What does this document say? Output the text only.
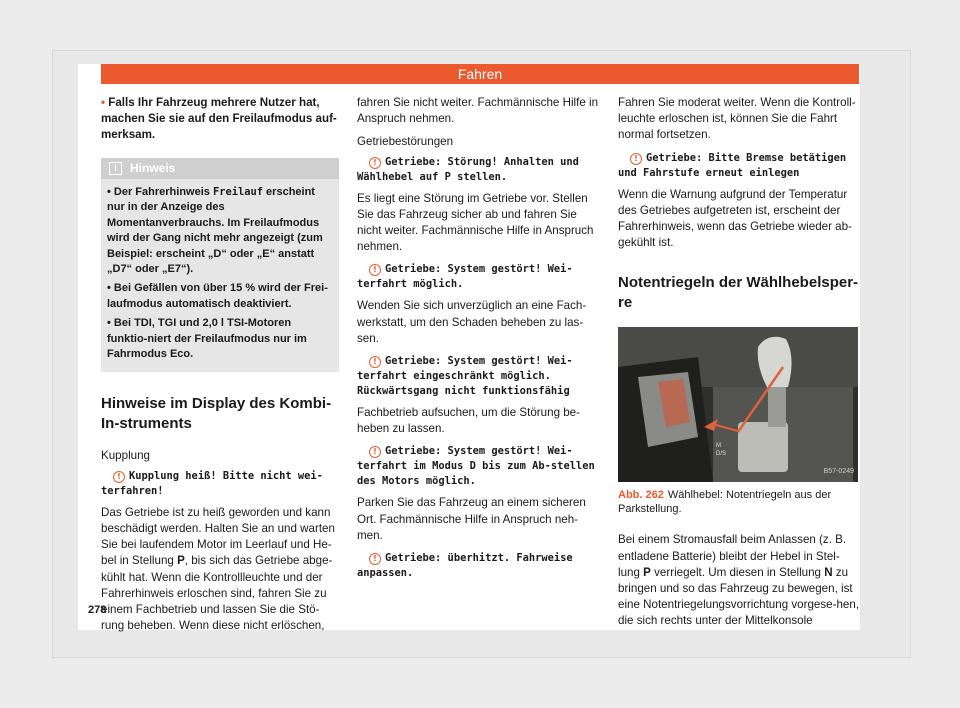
Fahren

• Falls Ihr Fahrzeug mehrere Nutzer hat, machen Sie sie auf den Freilaufmodus auf-merksam.

i	Hinweis

• Der Fahrerhinweis Freilauf erscheint nur in der Anzeige des Momentanverbrauchs. Im Freilaufmodus wird der Gang nicht mehr angezeigt (zum Beispiel: erscheint „D“ oder „E“ anstatt „D7“ oder „E7“).

• Bei Gefällen von über 15 % wird der Frei-laufmodus automatisch deaktiviert.

• Bei TDI, TGI und 2,0 l TSI-Motoren funktio-niert der Freilaufmodus nur im Fahrmodus Eco.

Hinweise im Display des Kombi-In-struments

Kupplung

! Kupplung heiß! Bitte nicht wei-terfahren!

Das Getriebe ist zu heiß geworden und kann beschädigt werden. Halten Sie an und warten Sie bei laufendem Motor im Leerlauf und He-bel in Stellung P, bis sich das Getriebe abge-kühlt hat. Wenn die Kontrollleuchte und der Fahrerhinweis erloschen sind, fahren Sie zu einem Fachbetrieb und lassen Sie die Stö-rung beheben. Wenn diese nicht erlöschen,

fahren Sie nicht weiter. Fachmännische Hilfe in Anspruch nehmen.

Getriebestörungen

! Getriebe: Störung! Anhalten und Wählhebel auf P stellen.

Es liegt eine Störung im Getriebe vor. Stellen Sie das Fahrzeug sicher ab und fahren Sie nicht weiter. Fachmännische Hilfe in Anspruch nehmen.

! Getriebe: System gestört! Wei-terfahrt möglich.

Wenden Sie sich unverzüglich an eine Fach-werkstatt, um den Schaden beheben zu las-sen.

! Getriebe: System gestört! Wei-terfahrt eingeschränkt möglich. Rückwärtsgang nicht funktionsfähig

Fachbetrieb aufsuchen, um die Störung be-heben zu lassen.

! Getriebe: System gestört! Wei-terfahrt im Modus D bis zum Ab-stellen des Motors möglich.

Parken Sie das Fahrzeug an einem sicheren Ort. Fachmännische Hilfe in Anspruch neh-men.

! Getriebe: überhitzt. Fahrweise anpassen.

Fahren Sie moderat weiter. Wenn die Kontroll-leuchte erloschen ist, können Sie die Fahrt normal fortsetzen.

! Getriebe: Bitte Bremse betätigen und Fahrstufe erneut einlegen

Wenn die Warnung aufgrund der Temperatur des Getriebes aufgetreten ist, erscheint der Fahrerhinweis, wenn das Getriebe wieder ab-gekühlt ist.

Notentriegeln der Wählhebelsper-re
D/S
M
B57-0249
Abb. 262 Wählhebel: Notentriegeln aus der Parkstellung.

Bei einem Stromausfall beim Anlassen (z. B. entladene Batterie) bleibt der Hebel in Stel-lung P verriegelt. Um diesen in Stellung N zu bringen und so das Fahrzeug zu bewegen, ist eine Notentriegelungsvorrichtung vorgese-hen, die sich rechts unter der Mittelkonsole

278
